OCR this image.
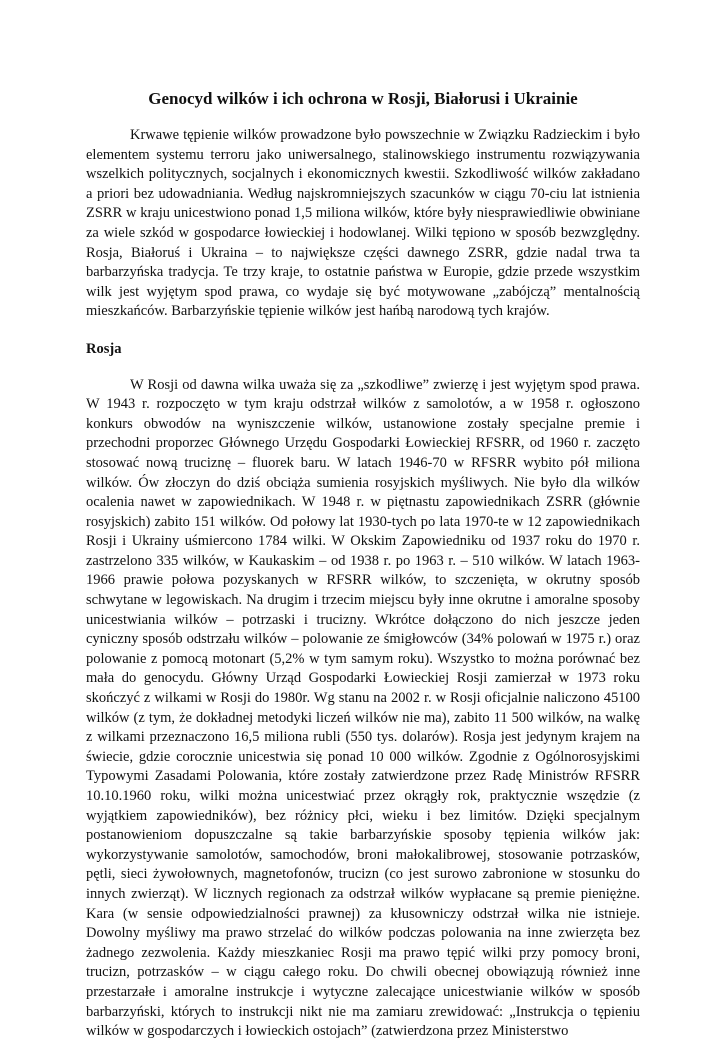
Genocyd wilków i ich ochrona w Rosji, Białorusi i Ukrainie

Krwawe tępienie wilków prowadzone było powszechnie w Związku Radzieckim i było elementem systemu terroru jako uniwersalnego, stalinowskiego instrumentu rozwiązywania wszelkich politycznych, socjalnych i ekonomicznych kwestii. Szkodliwość wilków zakładano a priori bez udowadniania. Według najskromniejszych szacunków w ciągu 70-ciu lat istnienia ZSRR w kraju unicestwiono ponad 1,5 miliona wilków, które były niesprawiedliwie obwiniane za wiele szkód w gospodarce łowieckiej i hodowlanej. Wilki tępiono w sposób bezwzględny. Rosja, Białoruś i Ukraina – to największe części dawnego ZSRR, gdzie nadal trwa ta barbarzyńska tradycja. Te trzy kraje, to ostatnie państwa w Europie, gdzie przede wszystkim wilk jest wyjętym spod prawa, co wydaje się być motywowane „zabójczą” mentalnością mieszkańców. Barbarzyńskie tępienie wilków jest hańbą narodową tych krajów.

Rosja

W Rosji od dawna wilka uważa się za „szkodliwe” zwierzę i jest wyjętym spod prawa. W 1943 r. rozpoczęto w tym kraju odstrzał wilków z samolotów, a w 1958 r. ogłoszono konkurs obwodów na wyniszczenie wilków, ustanowione zostały specjalne premie i przechodni proporzec Głównego Urzędu Gospodarki Łowieckiej RFSRR, od 1960 r. zaczęto stosować nową truciznę – fluorek baru. W latach 1946-70 w RFSRR wybito pół miliona wilków. Ów złoczyn do dziś obciąża sumienia rosyjskich myśliwych. Nie było dla wilków ocalenia nawet w zapowiednikach. W 1948 r. w piętnastu zapowiednikach ZSRR (głównie rosyjskich) zabito 151 wilków. Od połowy lat 1930-tych po lata 1970-te w 12 zapowiednikach Rosji i Ukrainy uśmiercono 1784 wilki. W Okskim Zapowiedniku od 1937 roku do 1970 r. zastrzelono 335 wilków, w Kaukaskim – od 1938 r. po 1963 r. – 510 wilków. W latach 1963-1966 prawie połowa pozyskanych w RFSRR wilków, to szczenięta, w okrutny sposób schwytane w legowiskach. Na drugim i trzecim miejscu były inne okrutne i amoralne sposoby unicestwiania wilków – potrzaski i trucizny. Wkrótce dołączono do nich jeszcze jeden cyniczny sposób odstrzału wilków – polowanie ze śmigłowców (34% polowań w 1975 r.) oraz polowanie z pomocą motonart (5,2% w tym samym roku). Wszystko to można porównać bez mała do genocydu. Główny Urząd Gospodarki Łowieckiej Rosji zamierzał w 1973 roku skończyć z wilkami w Rosji do 1980r. Wg stanu na 2002 r. w Rosji oficjalnie naliczono 45100 wilków (z tym, że dokładnej metodyki liczeń wilków nie ma), zabito 11 500 wilków, na walkę z wilkami przeznaczono 16,5 miliona rubli (550 tys. dolarów). Rosja jest jedynym krajem na świecie, gdzie corocznie unicestwia się ponad 10 000 wilków. Zgodnie z Ogólnorosyjskimi Typowymi Zasadami Polowania, które zostały zatwierdzone przez Radę Ministrów RFSRR 10.10.1960 roku, wilki można unicestwiać przez okrągły rok, praktycznie wszędzie (z wyjątkiem zapowiedników), bez różnicy płci, wieku i bez limitów. Dzięki specjalnym postanowieniom dopuszczalne są takie barbarzyńskie sposoby tępienia wilków jak: wykorzystywanie samolotów, samochodów, broni małokalibrowej, stosowanie potrzasków, pętli, sieci żywołownych, magnetofonów, trucizn (co jest surowo zabronione w stosunku do innych zwierząt). W licznych regionach za odstrzał wilków wypłacane są premie pieniężne. Kara (w sensie odpowiedzialności prawnej) za kłusowniczy odstrzał wilka nie istnieje. Dowolny myśliwy ma prawo strzelać do wilków podczas polowania na inne zwierzęta bez żadnego zezwolenia. Każdy mieszkaniec Rosji ma prawo tępić wilki przy pomocy broni, trucizn, potrzasków – w ciągu całego roku. Do chwili obecnej obowiązują również inne przestarzałe i amoralne instrukcje i wytyczne zalecające unicestwianie wilków w sposób barbarzyński, których to instrukcji nikt nie ma zamiaru zrewidować: „Instrukcja o tępieniu wilków w gospodarczych i łowieckich ostojach” (zatwierdzona przez Ministerstwo
